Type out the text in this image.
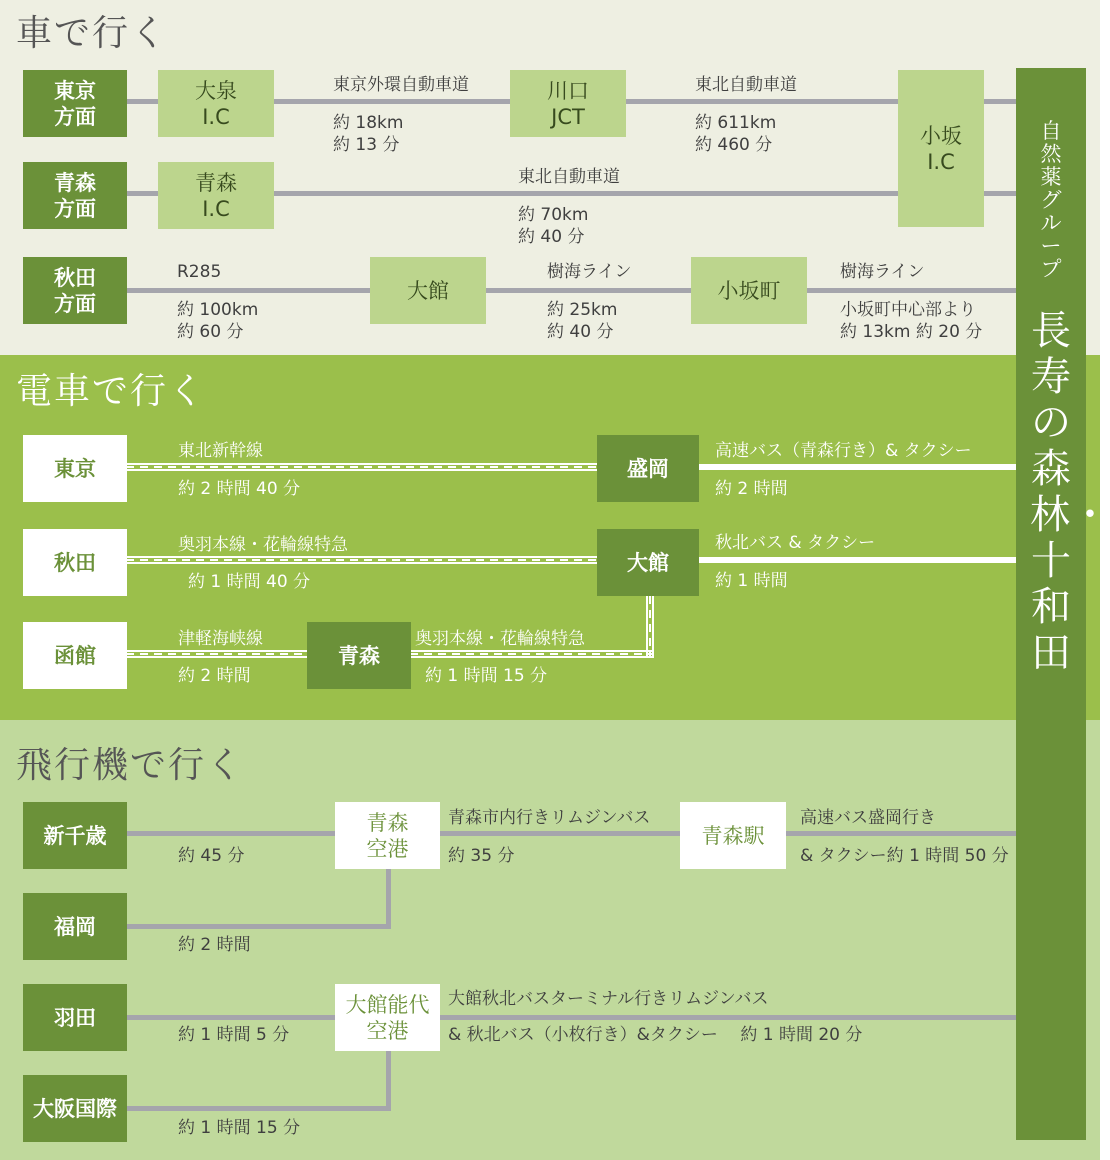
車で行く
東京
方面
青森
方面
秋田
方面
大泉
I.C
川口
JCT
小坂
I.C
青森
I.C
大館	小坂町
東京外環自動車道
約 18km
約 13 分
東北自動車道
約 611km
約 460 分
東北自動車道
約 70km
約 40 分
R285
約 100km
約 60 分
樹海ライン
約 25km
約 40 分
樹海ライン
小坂町中心部より
約 13km 約 20 分
電車で行く
東京
秋田
函館
盛岡
大館
青森
東北新幹線
約 2 時間 40 分
高速バス（青森行き）& タクシー
約 2 時間
奥羽本線・花輪線特急
約 1 時間 40 分
秋北バス & タクシー
約 1 時間
津軽海峡線
約 2 時間
奥羽本線・花輪線特急
約 1 時間 15 分
飛行機で行く
新千歳
福岡
羽田
大阪国際
青森
空港
青森駅
大館能代
空港
約 45 分
青森市内行きリムジンバス
約 35 分
高速バス盛岡行き
& タクシー約 1 時間 50 分
約 2 時間
約 1 時間 5 分
大館秋北バスターミナル行きリムジンバス
& 秋北バス（小枚行き）&タクシー　 約 1 時間 20 分
約 1 時間 15 分
自然薬グループ
長寿の森林・十和田
